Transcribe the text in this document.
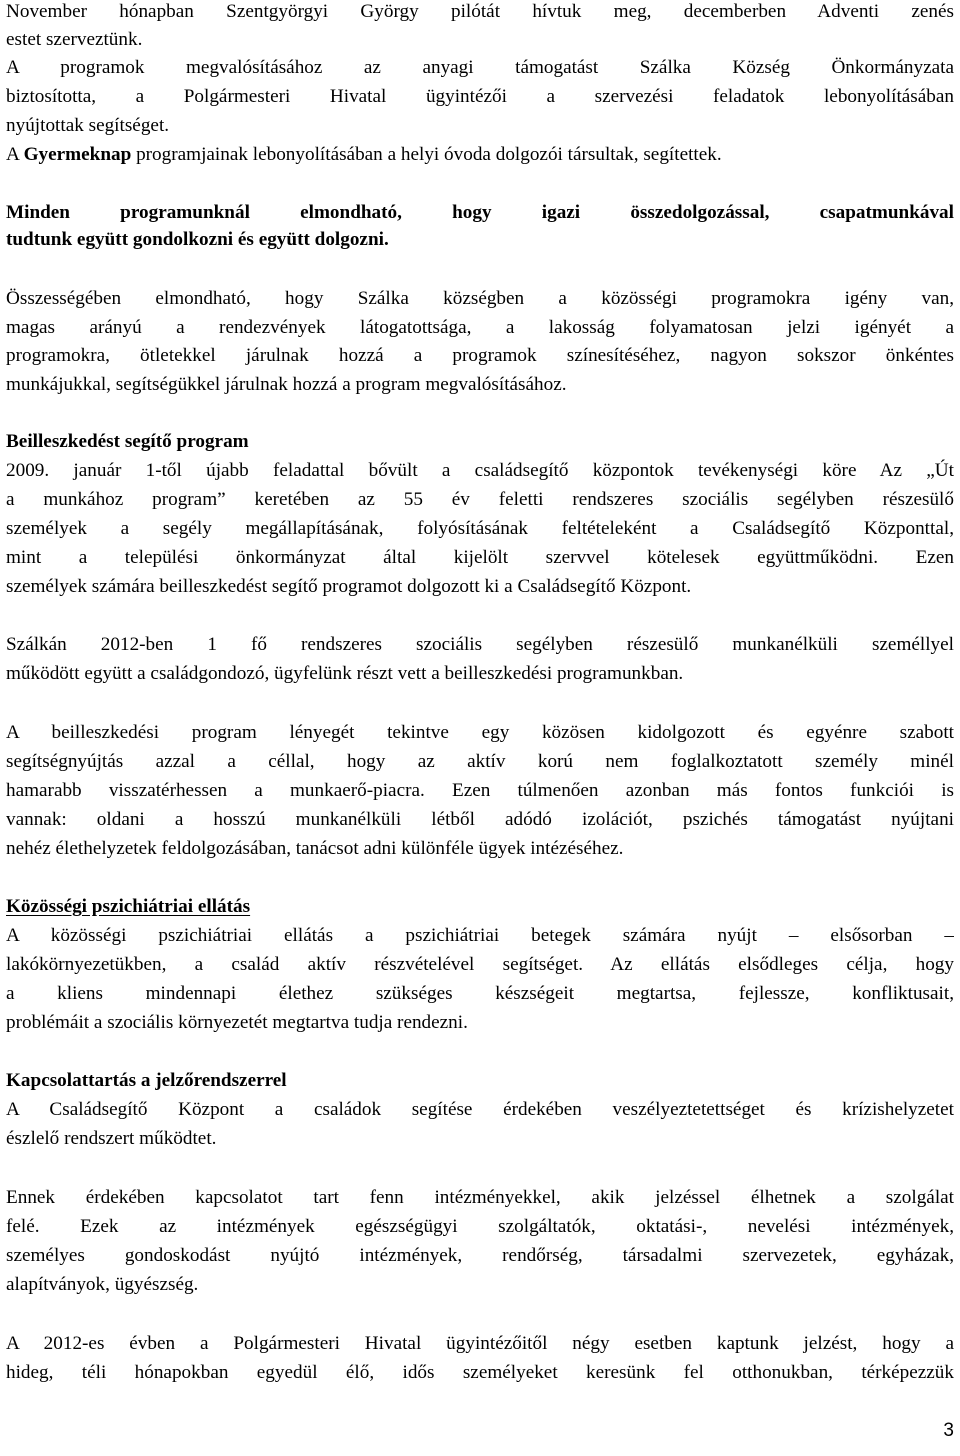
November hónapban Szentgyörgyi György pilótát hívtuk meg, decemberben Adventi zenés
estet szerveztünk.
A programok megvalósításához az anyagi támogatást Szálka Község Önkormányzata
biztosította, a Polgármesteri Hivatal ügyintézői a szervezési feladatok lebonyolításában
nyújtottak segítséget.
A Gyermeknap programjainak lebonyolításában a helyi óvoda dolgozói társultak, segítettek.
Minden programunknál elmondható, hogy igazi összedolgozással, csapatmunkával
tudtunk együtt gondolkozni és együtt dolgozni.
Összességében elmondható, hogy Szálka községben a közösségi programokra igény van,
magas arányú a rendezvények látogatottsága, a lakosság folyamatosan jelzi igényét a
programokra, ötletekkel járulnak hozzá a programok színesítéséhez, nagyon sokszor önkéntes
munkájukkal, segítségükkel járulnak hozzá a program megvalósításához.
Beilleszkedést segítő program
2009. január 1-től újabb feladattal bővült a családsegítő központok tevékenységi köre Az „Út
a munkához program” keretében az 55 év feletti rendszeres szociális segélyben részesülő
személyek a segély megállapításának, folyósításának feltételeként a Családsegítő Központtal,
mint a települési önkormányzat által kijelölt szervvel kötelesek együttműködni. Ezen
személyek számára beilleszkedést segítő programot dolgozott ki a Családsegítő Központ.
Szálkán 2012-ben 1 fő rendszeres szociális segélyben részesülő munkanélküli személlyel
működött együtt a családgondozó, ügyfelünk részt vett a beilleszkedési programunkban.
A beilleszkedési program lényegét tekintve egy közösen kidolgozott és egyénre szabott
segítségnyújtás azzal a céllal, hogy az aktív korú nem foglalkoztatott személy minél
hamarabb visszatérhessen a munkaerő-piacra. Ezen túlmenően azonban más fontos funkciói is
vannak: oldani a hosszú munkanélküli létből adódó izolációt, pszichés támogatást nyújtani
nehéz élethelyzetek feldolgozásában, tanácsot adni különféle ügyek intézéséhez.
Közösségi pszichiátriai ellátás
A közösségi pszichiátriai ellátás a pszichiátriai betegek számára nyújt – elsősorban –
lakókörnyezetükben, a család aktív részvételével segítséget. Az ellátás elsődleges célja, hogy
a kliens mindennapi élethez szükséges készségeit megtartsa, fejlessze, konfliktusait,
problémáit a szociális környezetét megtartva tudja rendezni.
Kapcsolattartás a jelzőrendszerrel
A Családsegítő Központ a családok segítése érdekében veszélyeztetettséget és krízishelyzetet
észlelő rendszert működtet.
Ennek érdekében kapcsolatot tart fenn intézményekkel, akik jelzéssel élhetnek a szolgálat
felé. Ezek az intézmények egészségügyi szolgáltatók, oktatási-, nevelési intézmények,
személyes gondoskodást nyújtó intézmények, rendőrség, társadalmi szervezetek, egyházak,
alapítványok, ügyészség.
A 2012-es évben a Polgármesteri Hivatal ügyintézőitől négy esetben kaptunk jelzést, hogy a
hideg, téli hónapokban egyedül élő, idős személyeket keresünk fel otthonukban, térképezzük
3
